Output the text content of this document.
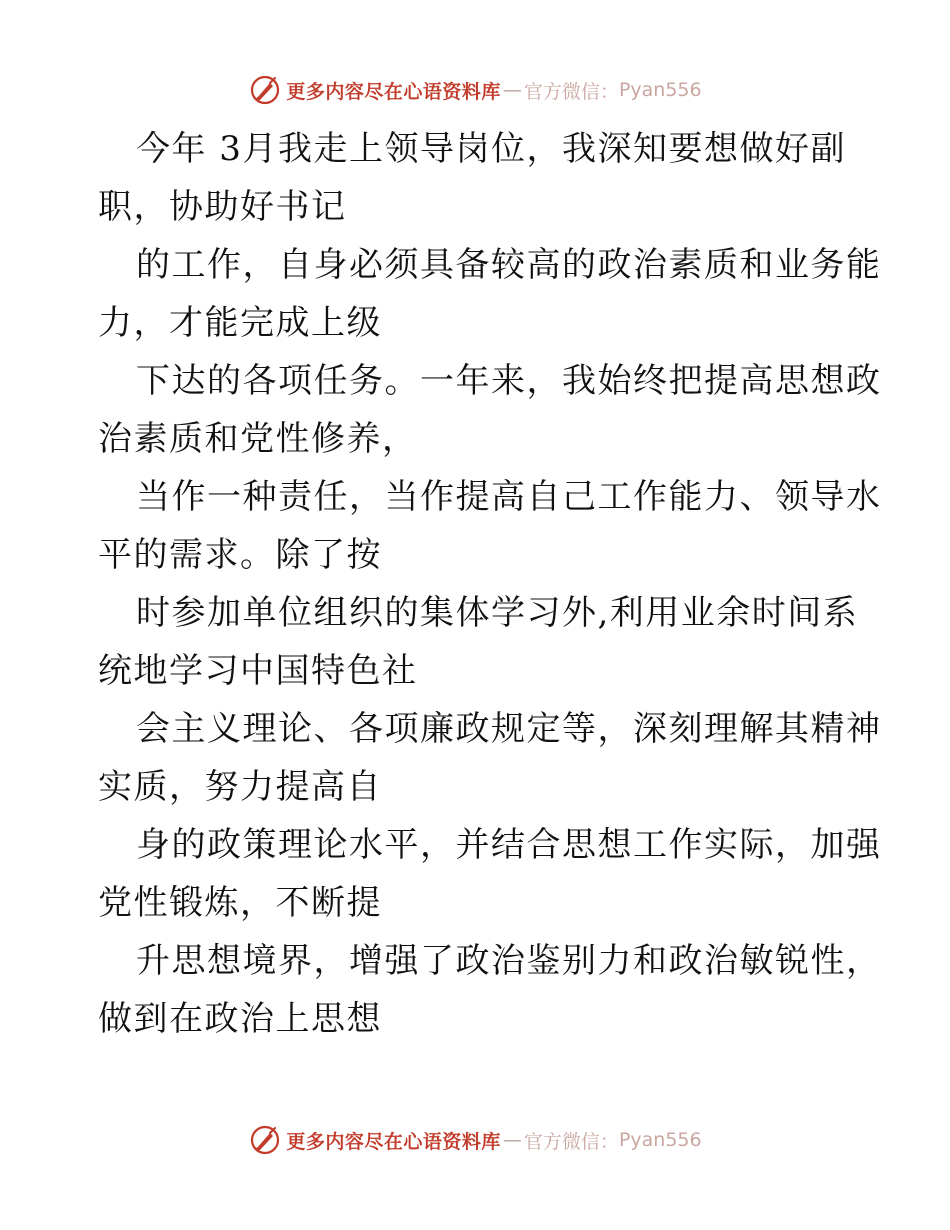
更多内容尽在心语资料库 — 官方微信： Pyan556
今年 3月我走上领导岗位，我深知要想做好副
职，协助好书记
的工作，自身必须具备较高的政治素质和业务能
力，才能完成上级
下达的各项任务。一年来，我始终把提高思想政
治素质和党性修养，
当作一种责任，当作提高自己工作能力、领导水
平的需求。除了按
时参加单位组织的集体学习外,利用业余时间系
统地学习中国特色社
会主义理论、各项廉政规定等，深刻理解其精神
实质，努力提高自
身的政策理论水平，并结合思想工作实际，加强
党性锻炼，不断提
升思想境界，增强了政治鉴别力和政治敏锐性，
做到在政治上思想
更多内容尽在心语资料库 — 官方微信： Pyan556
